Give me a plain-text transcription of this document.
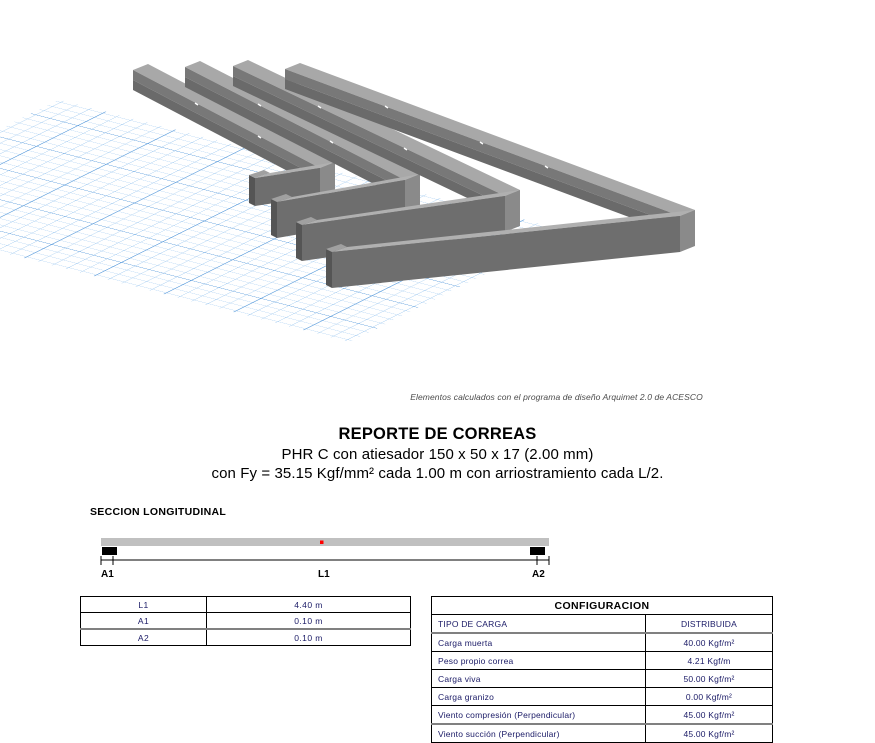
Elementos calculados con el programa de diseño Arquimet 2.0 de ACESCO
REPORTE DE CORREAS
PHR C con atiesador 150 x 50 x 17 (2.00 mm)
con Fy = 35.15 Kgf/mm² cada 1.00 m con arriostramiento cada L/2.
SECCION LONGITUDINAL
A1	L1	A2
L1	4.40 m
A1	0.10 m
A2	0.10 m
CONFIGURACION	
TIPO DE CARGA	DISTRIBUIDA
Carga muerta	40.00 Kgf/m²
Peso propio correa	4.21 Kgf/m
Carga viva	50.00 Kgf/m²
Carga granizo	0.00 Kgf/m²
Viento compresión (Perpendicular)	45.00 Kgf/m²
Viento succión (Perpendicular)	45.00 Kgf/m²
